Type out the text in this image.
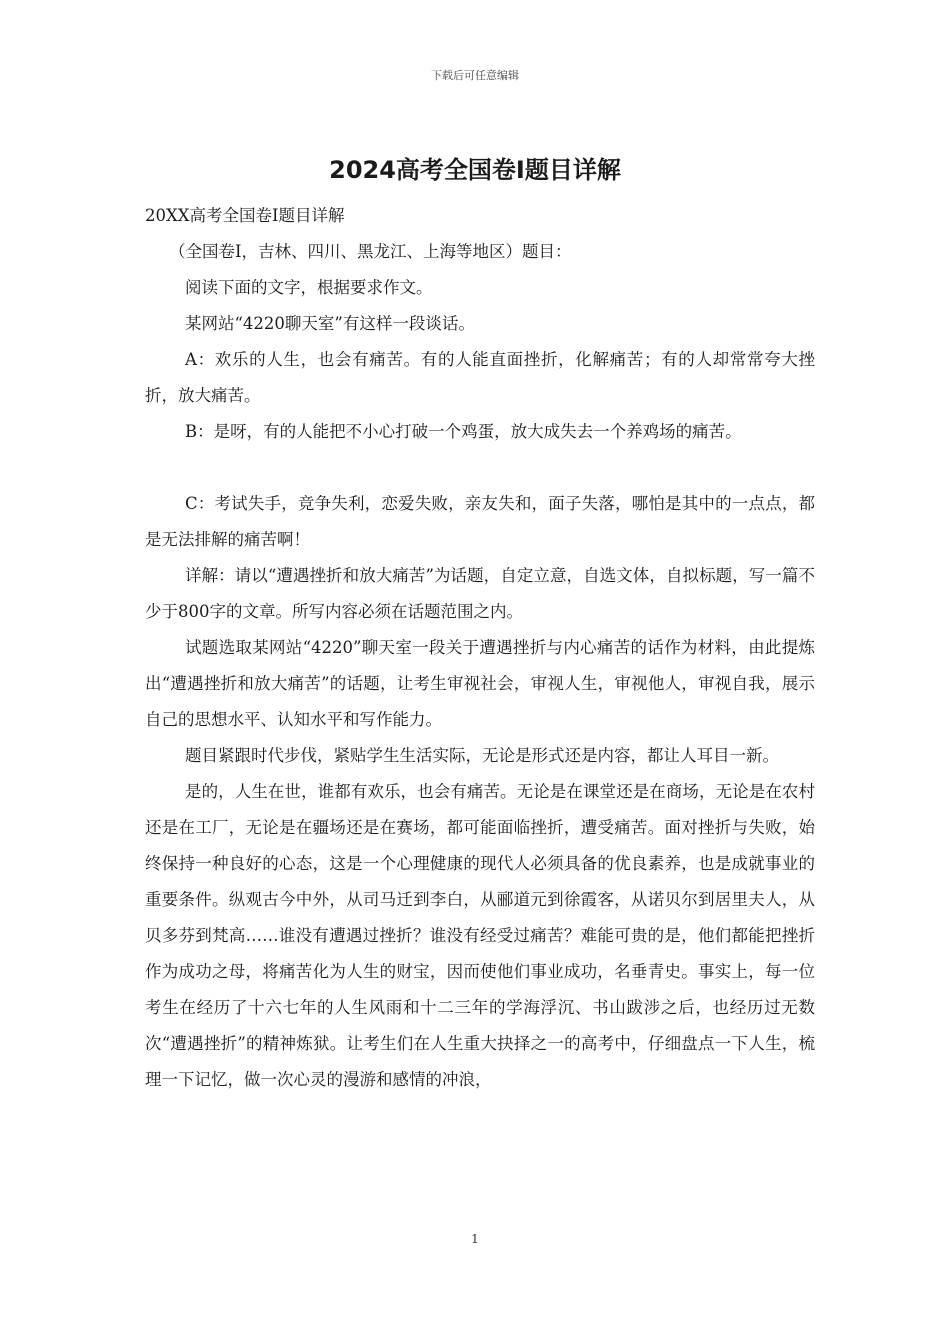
下载后可任意编辑
2024高考全国卷Ⅰ题目详解

20XX高考全国卷Ⅰ题目详解

（全国卷Ⅰ，吉林、四川、黑龙江、上海等地区）题目：

阅读下面的文字，根据要求作文。

某网站“4220聊天室”有这样一段谈话。

A：欢乐的人生，也会有痛苦。有的人能直面挫折，化解痛苦；有的人却常常夸大挫折，放大痛苦。

B：是呀，有的人能把不小心打破一个鸡蛋，放大成失去一个养鸡场的痛苦。

C：考试失手，竞争失利，恋爱失败，亲友失和，面子失落，哪怕是其中的一点点，都是无法排解的痛苦啊！

详解：请以“遭遇挫折和放大痛苦”为话题，自定立意，自选文体，自拟标题，写一篇不少于800字的文章。所写内容必须在话题范围之内。

试题选取某网站“4220”聊天室一段关于遭遇挫折与内心痛苦的话作为材料，由此提炼出“遭遇挫折和放大痛苦”的话题，让考生审视社会，审视人生，审视他人，审视自我，展示自己的思想水平、认知水平和写作能力。

题目紧跟时代步伐，紧贴学生生活实际，无论是形式还是内容，都让人耳目一新。

是的，人生在世，谁都有欢乐，也会有痛苦。无论是在课堂还是在商场，无论是在农村还是在工厂，无论是在疆场还是在赛场，都可能面临挫折，遭受痛苦。面对挫折与失败，始终保持一种良好的心态，这是一个心理健康的现代人必须具备的优良素养，也是成就事业的重要条件。纵观古今中外，从司马迁到李白，从郦道元到徐霞客，从诺贝尔到居里夫人，从贝多芬到梵高……谁没有遭遇过挫折？谁没有经受过痛苦？难能可贵的是，他们都能把挫折作为成功之母，将痛苦化为人生的财宝，因而使他们事业成功，名垂青史。事实上，每一位考生在经历了十六七年的人生风雨和十二三年的学海浮沉、书山跋涉之后，也经历过无数次“遭遇挫折”的精神炼狱。让考生们在人生重大抉择之一的高考中，仔细盘点一下人生，梳理一下记忆，做一次心灵的漫游和感情的冲浪，

1
